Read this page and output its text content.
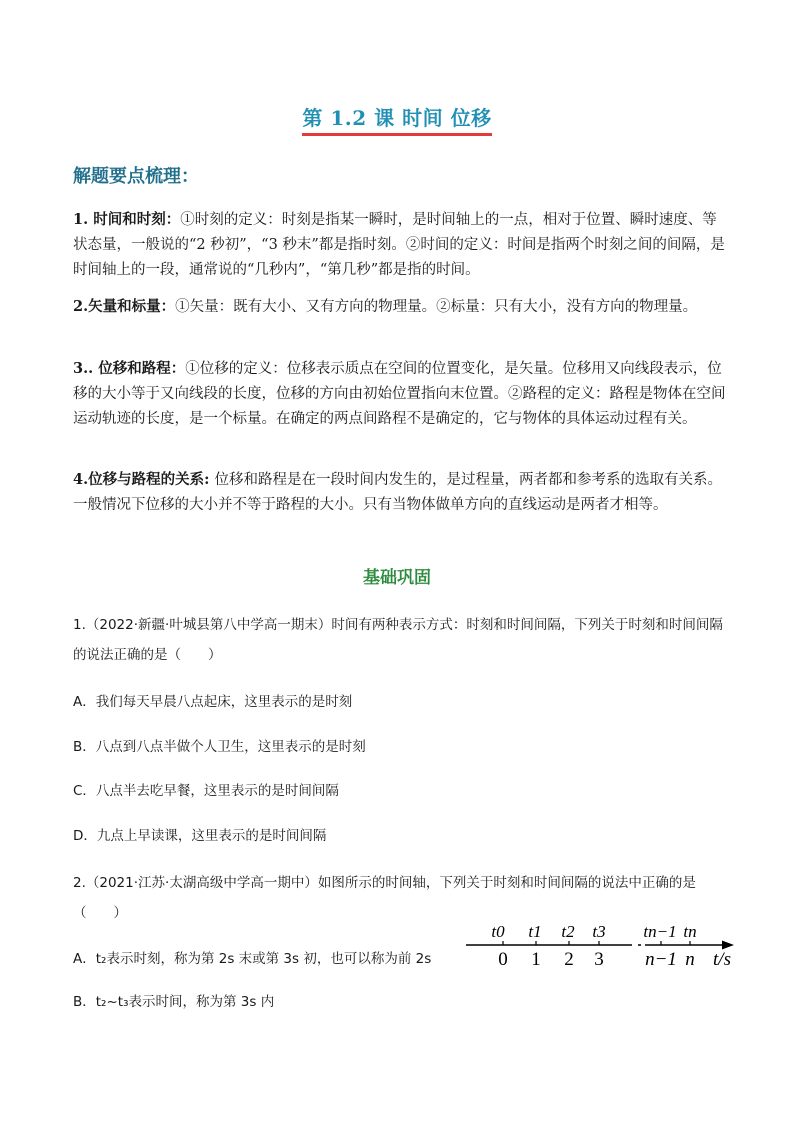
第 1.2 课 时间 位移
解题要点梳理：
1. 时间和时刻：①时刻的定义：时刻是指某一瞬时，是时间轴上的一点，相对于位置、瞬时速度、等状态量，一般说的“2 秒初”，“3 秒末”都是指时刻。②时间的定义：时间是指两个时刻之间的间隔，是时间轴上的一段，通常说的“几秒内”，“第几秒”都是指的时间。
2.矢量和标量：①矢量：既有大小、又有方向的物理量。②标量：只有大小，没有方向的物理量。
3.. 位移和路程：①位移的定义：位移表示质点在空间的位置变化，是矢量。位移用又向线段表示，位移的大小等于又向线段的长度，位移的方向由初始位置指向末位置。②路程的定义：路程是物体在空间运动轨迹的长度，是一个标量。在确定的两点间路程不是确定的，它与物体的具体运动过程有关。
4.位移与路程的关系: 位移和路程是在一段时间内发生的，是过程量，两者都和参考系的选取有关系。一般情况下位移的大小并不等于路程的大小。只有当物体做单方向的直线运动是两者才相等。
基础巩固
1.（2022·新疆·叶城县第八中学高一期末）时间有两种表示方式：时刻和时间间隔，下列关于时刻和时间间隔的说法正确的是（　　）
A．我们每天早晨八点起床，这里表示的是时刻
B．八点到八点半做个人卫生，这里表示的是时刻
C．八点半去吃早餐，这里表示的是时间间隔
D．九点上早读课，这里表示的是时间间隔
2.（2021·江苏·太湖高级中学高一期中）如图所示的时间轴，下列关于时刻和时间间隔的说法中正确的是（　　）
A．t₂表示时刻，称为第 2s 末或第 3s 初，也可以称为前 2s
B．t₂~t₃表示时间，称为第 3s 内
t0 t1 t2 t3 tn−1 tn
0 1 2 3 n−1 n t/s
